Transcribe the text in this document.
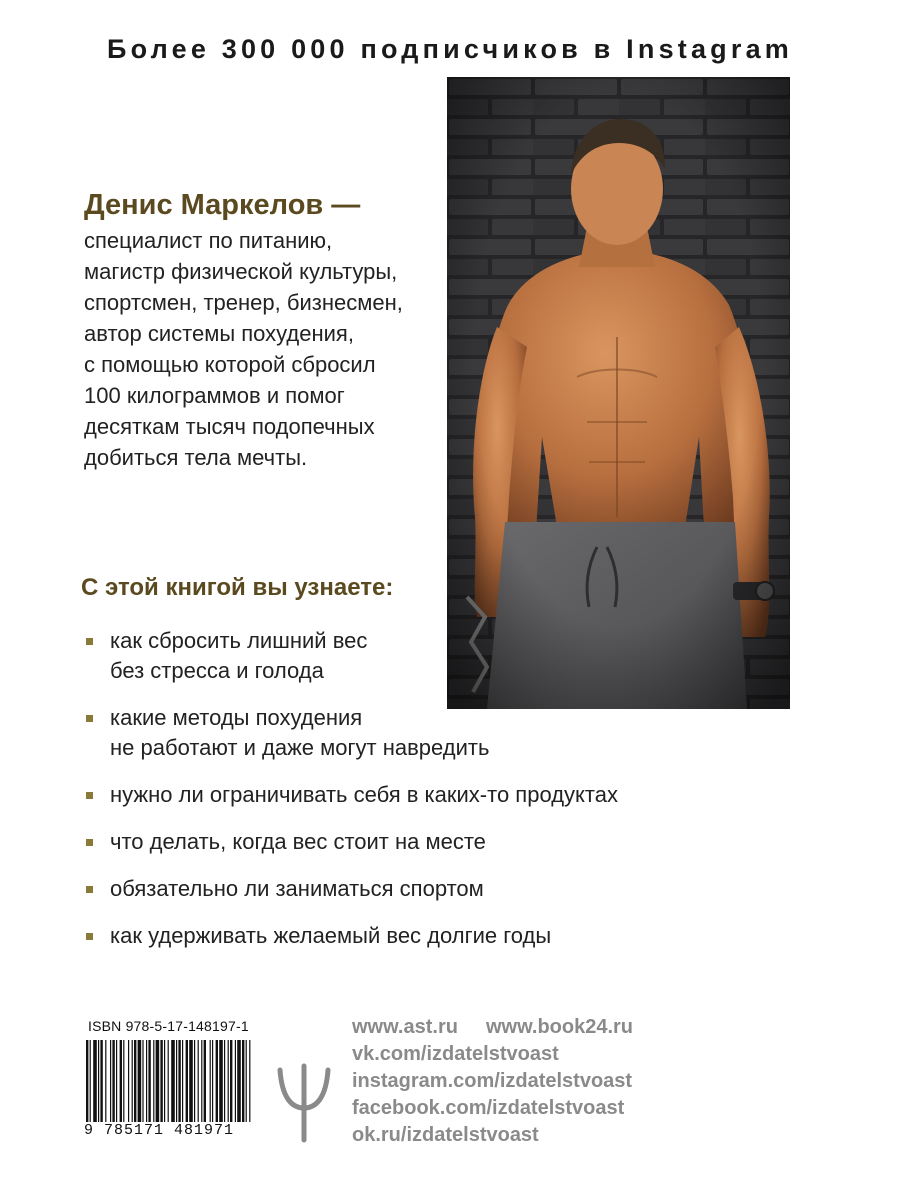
Более 300 000 подписчиков в Instagram
Денис Маркелов —
специалист по питанию,
магистр физической культуры,
спортсмен, тренер, бизнесмен,
автор системы похудения,
с помощью которой сбросил
100 килограммов и помог
десяткам тысяч подопечных
добиться тела мечты.
С этой книгой вы узнаете:
как сбросить лишний вес
без стресса и голода
какие методы похудения
не работают и даже могут навредить
нужно ли ограничивать себя в каких-то продуктах
что делать, когда вес стоит на месте
обязательно ли заниматься спортом
как удерживать желаемый вес долгие годы
ISBN 978-5-17-148197-1
9 785171 481971
www.ast.ru www.book24.ru
vk.com/izdatelstvoast
instagram.com/izdatelstvoast
facebook.com/izdatelstvoast
ok.ru/izdatelstvoast
